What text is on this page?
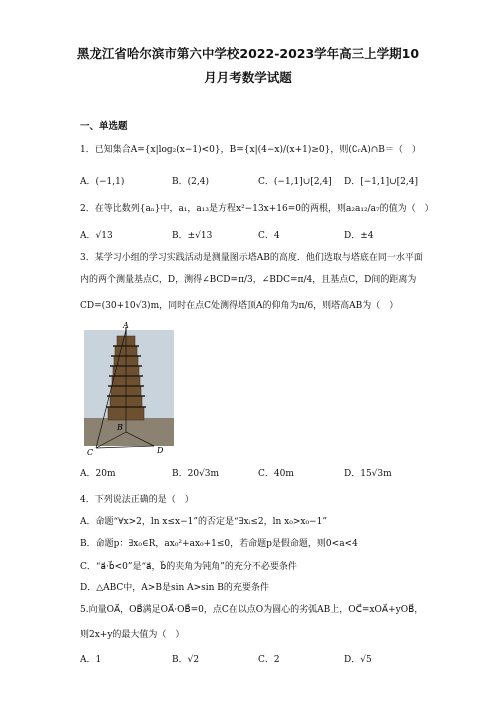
黑龙江省哈尔滨市第六中学校2022-2023学年高三上学期10
月月考数学试题
一、单选题
1．已知集合A={x|log₂(x−1)<0}，B={x|(4−x)/(x+1)≥0}，则(∁ᵣA)∩B＝（　）
A．(−1,1)	B．(2,4)	C．(−1,1]∪[2,4] D．[−1,1]∪[2,4]
2．在等比数列{aₙ}中，a₁，a₁₃是方程x²−13x+16=0的两根，则a₂a₁₂/a₇的值为（　）
A．√13	B．±√13	C．4	D．±4
3．某学习小组的学习实践活动是测量图示塔AB的高度．他们选取与塔底在同一水平面
内的两个测量基点C，D，测得∠BCD=π/3，∠BDC=π/4，且基点C，D间的距离为
CD=(30+10√3)m，同时在点C处测得塔顶A的仰角为π/6，则塔高AB为（　）
A
B
C	D
A．20m	B．20√3m	C．40m	D．15√3m
4．下列说法正确的是（　）
A．命题“∀x>2，ln x≤x−1”的否定是“∃xᵢ≤2，ln x₀>x₀−1”
B．命题p：∃x₀∈R，ax₀²+ax₀+1≤0，若命题p是假命题，则0<a<4
C．“a⃗·b⃗<0”是“a⃗，b⃗的夹角为钝角”的充分不必要条件
D．△ABC中，A>B是sin A>sin B的充要条件
5.向量OA⃗，OB⃗满足OA⃗·OB⃗=0，点C在以点O为圆心的劣弧AB上，OC⃗=xOA⃗+yOB⃗，
则2x+y的最大值为（　）
A．1	B．√2	C．2	D．√5
